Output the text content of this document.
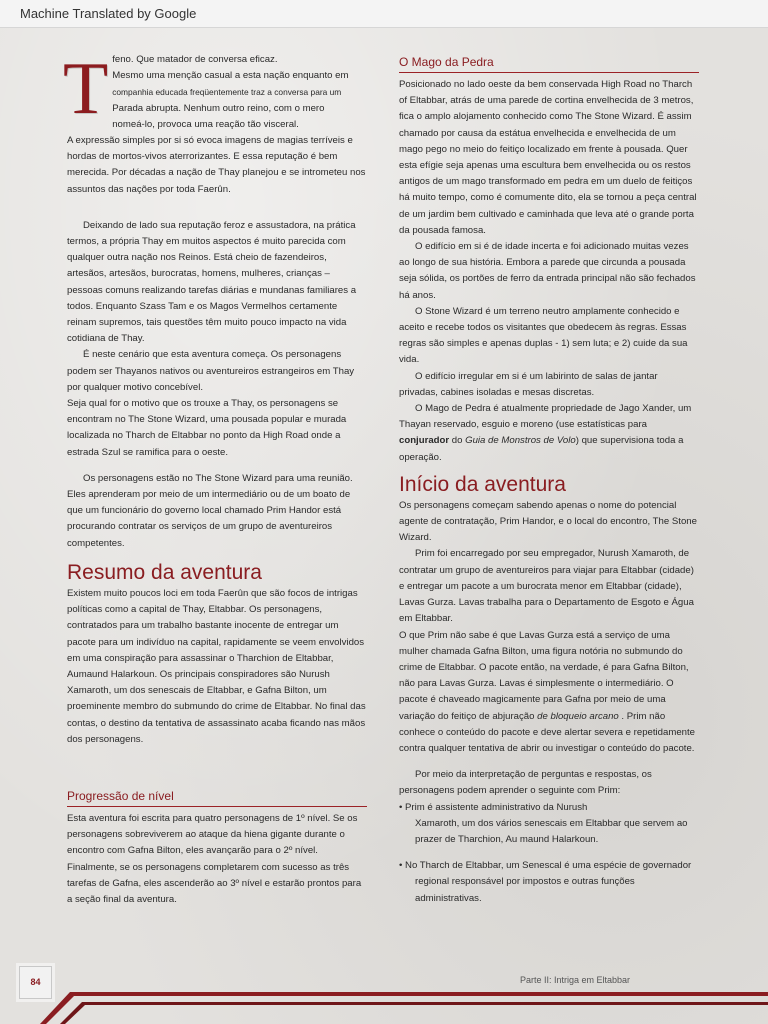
Machine Translated by Google
T feno. Que matador de conversa eficaz.

Mesmo uma menção casual a esta nação enquanto em

companhia educada freqüentemente traz a conversa para um

Parada abrupta. Nenhum outro reino, com o mero

nomeá-lo, provoca uma reação tão visceral.

A expressão simples por si só evoca imagens de magias terríveis e hordas de mortos-vivos aterrorizantes. E essa reputação é bem merecida. Por décadas a nação de Thay planejou e se intrometeu nos assuntos das nações por toda Faerûn.

Deixando de lado sua reputação feroz e assustadora, na prática termos, a própria Thay em muitos aspectos é muito parecida com qualquer outra nação nos Reinos. Está cheio de fazendeiros, artesãos, artesãos, burocratas, homens, mulheres, crianças – pessoas comuns realizando tarefas diárias e mundanas familiares a todos. Enquanto Szass Tam e os Magos Vermelhos certamente reinam supremos, tais questões têm muito pouco impacto na vida cotidiana de Thay.

É neste cenário que esta aventura começa. Os personagens podem ser Thayanos nativos ou aventureiros estrangeiros em Thay por qualquer motivo concebível.

Seja qual for o motivo que os trouxe a Thay, os personagens se encontram no The Stone Wizard, uma pousada popular e murada localizada no Tharch de Eltabbar no ponto da High Road onde a estrada Szul se ramifica para o oeste.

Os personagens estão no The Stone Wizard para uma reunião. Eles aprenderam por meio de um intermediário ou de um boato de que um funcionário do governo local chamado Prim Handor está procurando contratar os serviços de um grupo de aventureiros competentes.

Resumo da aventura

Existem muito poucos loci em toda Faerûn que são focos de intrigas políticas como a capital de Thay, Eltabbar. Os personagens, contratados para um trabalho bastante inocente de entregar um pacote para um indivíduo na capital, rapidamente se veem envolvidos em uma conspiração para assassinar o Tharchion de Eltabbar, Aumaund Halarkoun. Os principais conspiradores são Nurush Xamaroth, um dos senescais de Eltabbar, e Gafna Bilton, um proeminente membro do submundo do crime de Eltabbar. No final das contas, o destino da tentativa de assassinato acaba ficando nas mãos dos personagens.

Progressão de nível

Esta aventura foi escrita para quatro personagens de 1º nível. Se os personagens sobreviverem ao ataque da hiena gigante durante o encontro com Gafna Bilton, eles avançarão para o 2º nível. Finalmente, se os personagens completarem com sucesso as três tarefas de Gafna, eles ascenderão ao 3º nível e estarão prontos para a seção final da aventura.

O Mago da Pedra

Posicionado no lado oeste da bem conservada High Road no Tharch of Eltabbar, atrás de uma parede de cortina envelhecida de 3 metros, fica o amplo alojamento conhecido como The Stone Wizard. É assim chamado por causa da estátua envelhecida e envelhecida de um mago pego no meio do feitiço localizado em frente à pousada. Quer esta efígie seja apenas uma escultura bem envelhecida ou os restos antigos de um mago transformado em pedra em um duelo de feitiços há muito tempo, como é comumente dito, ela se tornou a peça central de um jardim bem cultivado e caminhada que leva até o grande porta da pousada famosa.

O edifício em si é de idade incerta e foi adicionado muitas vezes ao longo de sua história. Embora a parede que circunda a pousada seja sólida, os portões de ferro da entrada principal não são fechados há anos.

O Stone Wizard é um terreno neutro amplamente conhecido e aceito e recebe todos os visitantes que obedecem às regras. Essas regras são simples e apenas duplas - 1) sem luta; e 2) cuide da sua vida.

O edifício irregular em si é um labirinto de salas de jantar privadas, cabines isoladas e mesas discretas.

O Mago de Pedra é atualmente propriedade de Jago Xander, um Thayan reservado, esguio e moreno (use estatísticas para conjurador do Guia de Monstros de Volo) que supervisiona toda a operação.

Início da aventura

Os personagens começam sabendo apenas o nome do potencial agente de contratação, Prim Handor, e o local do encontro, The Stone Wizard.

Prim foi encarregado por seu empregador, Nurush Xamaroth, de contratar um grupo de aventureiros para viajar para Eltabbar (cidade) e entregar um pacote a um burocrata menor em Eltabbar (cidade), Lavas Gurza. Lavas trabalha para o Departamento de Esgoto e Água em Eltabbar.

O que Prim não sabe é que Lavas Gurza está a serviço de uma mulher chamada Gafna Bilton, uma figura notória no submundo do crime de Eltabbar. O pacote então, na verdade, é para Gafna Bilton, não para Lavas Gurza. Lavas é simplesmente o intermediário. O pacote é chaveado magicamente para Gafna por meio de uma variação do feitiço de abjuração de bloqueio arcano . Prim não conhece o conteúdo do pacote e deve alertar severa e repetidamente contra qualquer tentativa de abrir ou investigar o conteúdo do pacote.

Por meio da interpretação de perguntas e respostas, os personagens podem aprender o seguinte com Prim:

• Prim é assistente administrativo da Nurush

Xamaroth, um dos vários senescais em Eltabbar que servem ao prazer de Tharchion, Au maund Halarkoun.

• No Tharch de Eltabbar, um Senescal é uma espécie de governador

regional responsável por impostos e outras funções administrativas.

84	Parte II: Intriga em Eltabbar
